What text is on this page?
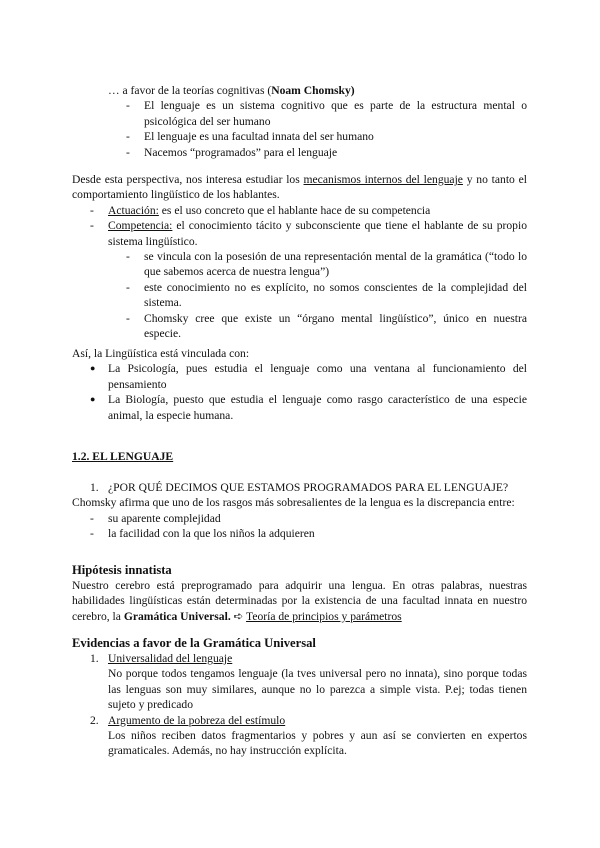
… a favor de la teorías cognitivas (Noam Chomsky)
- El lenguaje es un sistema cognitivo que es parte de la estructura mental o psicológica del ser humano
- El lenguaje es una facultad innata del ser humano
- Nacemos “programados” para el lenguaje

Desde esta perspectiva, nos interesa estudiar los mecanismos internos del lenguaje y no tanto el comportamiento lingüístico de los hablantes.

- Actuación: es el uso concreto que el hablante hace de su competencia
- Competencia: el conocimiento tácito y subconsciente que tiene el hablante de su propio sistema lingüístico.
- se vincula con la posesión de una representación mental de la gramática (“todo lo que sabemos acerca de nuestra lengua”)
- este conocimiento no es explícito, no somos conscientes de la complejidad del sistema.
- Chomsky cree que existe un “órgano mental lingüístico”, único en nuestra especie.

Así, la Lingüística está vinculada con:

● La Psicología, pues estudia el lenguaje como una ventana al funcionamiento del pensamiento
● La Biología, puesto que estudia el lenguaje como rasgo característico de una especie animal, la especie humana.
1.2. EL LENGUAJE
1. ¿POR QUÉ DECIMOS QUE ESTAMOS PROGRAMADOS PARA EL LENGUAJE?

Chomsky afirma que uno de los rasgos más sobresalientes de la lengua es la discrepancia entre:

- su aparente complejidad
- la facilidad con la que los niños la adquieren
Hipótesis innatista

Nuestro cerebro está preprogramado para adquirir una lengua. En otras palabras, nuestras habilidades lingüísticas están determinadas por la existencia de una facultad innata en nuestro cerebro, la Gramática Universal. ➪ Teoría de principios y parámetros

Evidencias a favor de la Gramática Universal
1. Universalidad del lenguaje
No porque todos tengamos lenguaje (la tves universal pero no innata), sino porque todas las lenguas son muy similares, aunque no lo parezca a simple vista. P.ej; todas tienen sujeto y predicado
2. Argumento de la pobreza del estímulo
Los niños reciben datos fragmentarios y pobres y aun así se convierten en expertos gramaticales. Además, no hay instrucción explícita.
